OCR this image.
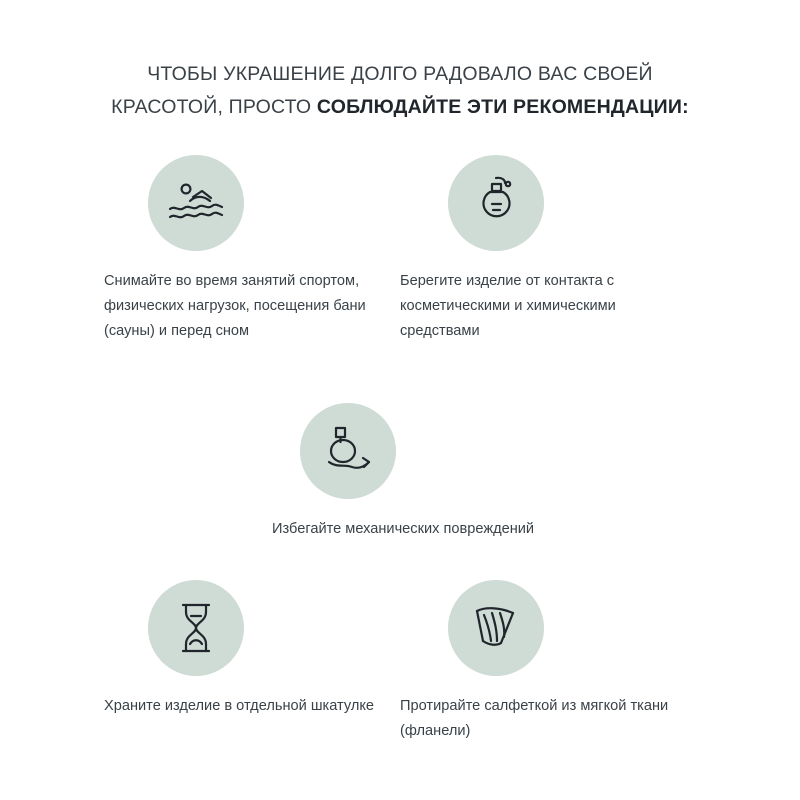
ЧТОБЫ УКРАШЕНИЕ ДОЛГО РАДОВАЛО ВАС СВОЕЙ
КРАСОТОЙ, ПРОСТО СОБЛЮДАЙТЕ ЭТИ РЕКОМЕНДАЦИИ:
Снимайте во время занятий спортом, физических нагрузок, посещения бани (сауны) и перед сном
Берегите изделие от контакта с косметическими и химическими средствами
Избегайте механических повреждений
Храните изделие в отдельной шкатулке	Протирайте салфеткой из мягкой ткани (фланели)
